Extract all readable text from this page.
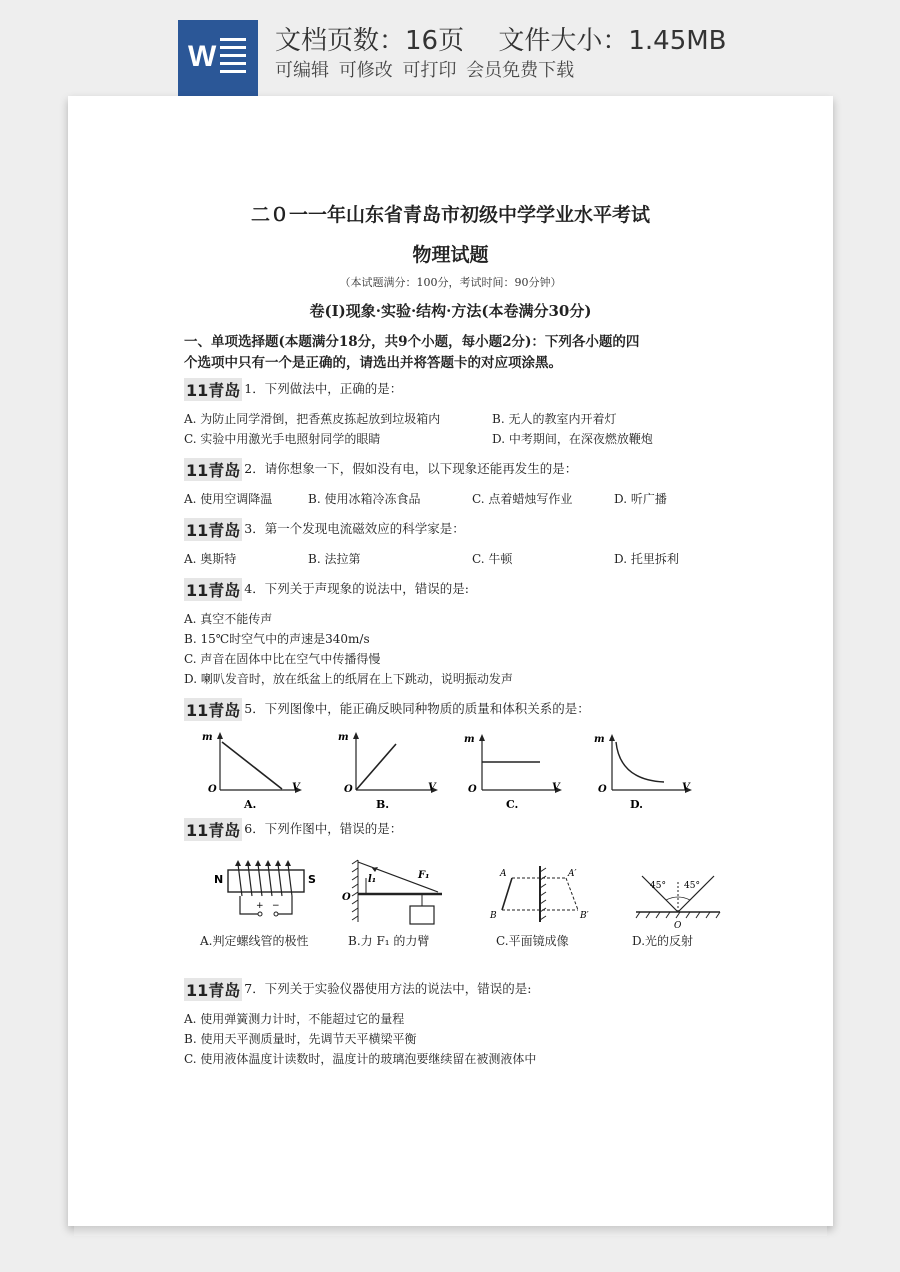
W 文档页数：16页　 文件大小：1.45MB
可编辑 可修改 可打印 会员免费下载
二０一一年山东省青岛市初级中学学业水平考试
物理试题
（本试题满分：100分，考试时间：90分钟）
卷(I)现象·实验·结构·方法(本卷满分30分)
一、单项选择题(本题满分18分，共9个小题，每小题2分)：下列各小题的四
个选项中只有一个是正确的，请选出并将答题卡的对应项涂黑。
11青岛 1．下列做法中，正确的是：
A. 为防止同学滑倒，把香蕉皮拣起放到垃圾箱内	B. 无人的教室内开着灯
C. 实验中用激光手电照射同学的眼睛	D. 中考期间，在深夜燃放鞭炮
11青岛 2．请你想象一下，假如没有电，以下现象还能再发生的是：
A. 使用空调降温	B. 使用冰箱冷冻食品	C. 点着蜡烛写作业	D. 听广播
11青岛 3．第一个发现电流磁效应的科学家是：
A. 奥斯特	B. 法拉第	C. 牛顿	D. 托里拆利
11青岛 4．下列关于声现象的说法中，错误的是:
A. 真空不能传声
B. 15℃时空气中的声速是340m/s
C. 声音在固体中比在空气中传播得慢
D. 喇叭发音时，放在纸盆上的纸屑在上下跳动，说明振动发声
11青岛 5．下列图像中，能正确反映同种物质的质量和体积关系的是：
m
V
O
A.
m
V
O
B.
m
V
O
C.
m
V
O
D.
11青岛 6．下列作图中，错误的是：
N	S
+ −
l₁	F₁
O
A	A′
B	B′
45° 45°
O
A.判定螺线管的极性	B.力 F₁ 的力臂	C.平面镜成像	D.光的反射
11青岛 7．下列关于实验仪器使用方法的说法中，错误的是:
A. 使用弹簧测力计时，不能超过它的量程
B. 使用天平测质量时，先调节天平横梁平衡
C. 使用液体温度计读数时，温度计的玻璃泡要继续留在被测液体中
